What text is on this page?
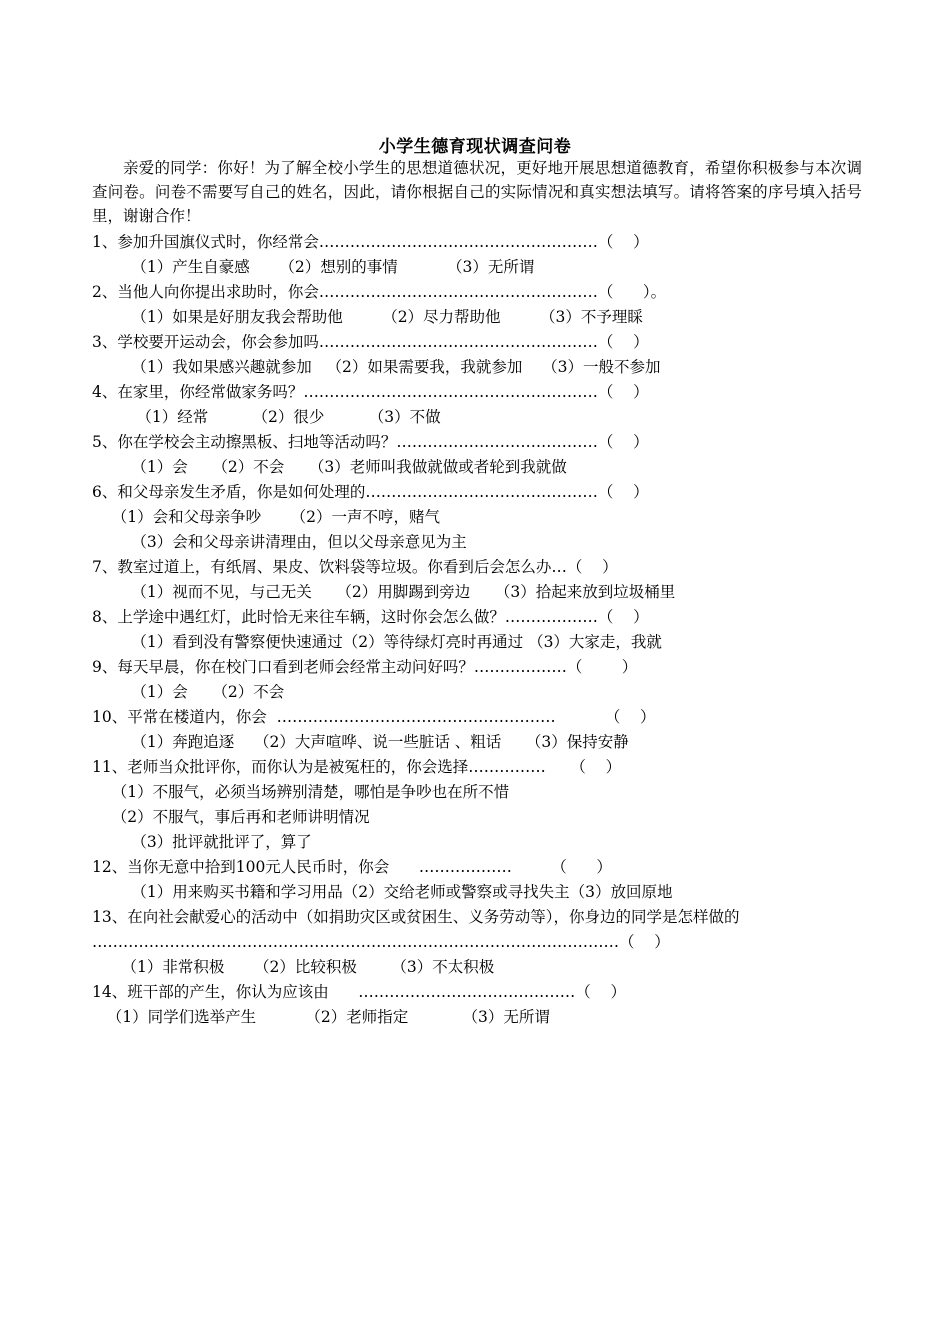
小学生德育现状调查问卷
亲爱的同学：你好！为了解全校小学生的思想道德状况，更好地开展思想道德教育，希望你积极参与本次调查问卷。问卷不需要写自己的姓名，因此，请你根据自己的实际情况和真实想法填写。请将答案的序号填入括号里，谢谢合作！
1、参加升国旗仪式时，你经常会………………………………………………（    ）
（1）产生自豪感      （2）想别的事情          （3）无所谓
2、当他人向你提出求助时，你会………………………………………………（      ）。
（1）如果是好朋友我会帮助他        （2）尽力帮助他        （3）不予理睬
3、学校要开运动会，你会参加吗………………………………………………（    ）
（1）我如果感兴趣就参加   （2）如果需要我，我就参加    （3）一般不参加
4、在家里，你经常做家务吗？…………………………………………………（    ）
（1）经常         （2）很少         （3）不做
5、你在学校会主动擦黑板、扫地等活动吗？…………………………………（    ）
（1）会     （2）不会     （3）老师叫我做就做或者轮到我就做
6、和父母亲发生矛盾，你是如何处理的………………………………………（    ）
（1）会和父母亲争吵      （2）一声不哼，赌气
（3）会和父母亲讲清理由，但以父母亲意见为主
7、教室过道上，有纸屑、果皮、饮料袋等垃圾。你看到后会怎么办…（    ）
（1）视而不见，与己无关     （2）用脚踢到旁边     （3）拾起来放到垃圾桶里
8、上学途中遇红灯，此时恰无来往车辆，这时你会怎么做？………………（    ）
（1）看到没有警察便快速通过（2）等待绿灯亮时再通过 （3）大家走，我就
9、每天早晨，你在校门口看到老师会经常主动问好吗？………………（        ）
（1）会     （2）不会
10、平常在楼道内，你会  ………………………………………………          （    ）
（1）奔跑追逐    （2）大声喧哗、说一些脏话 、粗话     （3）保持安静
11、老师当众批评你，而你认为是被冤枉的，你会选择……………     （    ）
（1）不服气，必须当场辨别清楚，哪怕是争吵也在所不惜
（2）不服气，事后再和老师讲明情况
（3）批评就批评了，算了
12、当你无意中拾到100元人民币时，你会      ………………        （      ）
（1）用来购买书籍和学习用品（2）交给老师或警察或寻找失主（3）放回原地
13、在向社会献爱心的活动中（如捐助灾区或贫困生、义务劳动等），你身边的同学是怎样做的
…………………………………………………………………………………………（    ）
（1）非常积极      （2）比较积极       （3）不太积极
14、班干部的产生，你认为应该由      ……………………………………（    ）
（1）同学们选举产生          （2）老师指定           （3）无所谓
